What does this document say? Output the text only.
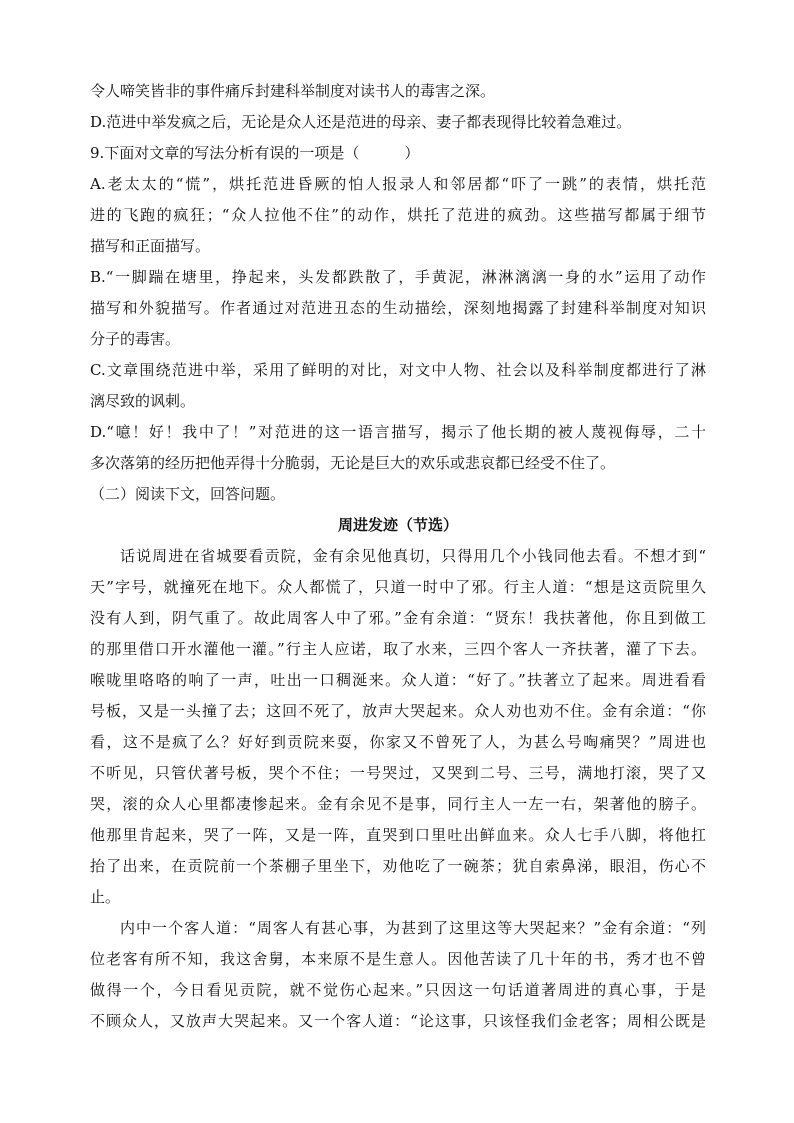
令人啼笑皆非的事件痛斥封建科举制度对读书人的毒害之深。
D.范进中举发疯之后，无论是众人还是范进的母亲、妻子都表现得比较着急难过。
9.下面对文章的写法分析有误的一项是（　　　）
A.老太太的“慌”，烘托范进昏厥的怕人报录人和邻居都“吓了一跳”的表情，烘托范
进的飞跑的疯狂；“众人拉他不住”的动作，烘托了范进的疯劲。这些描写都属于细节
描写和正面描写。
B.“一脚踹在塘里，挣起来，头发都跌散了，手黄泥，淋淋漓漓一身的水”运用了动作
描写和外貌描写。作者通过对范进丑态的生动描绘，深刻地揭露了封建科举制度对知识
分子的毒害。
C.文章围绕范进中举，采用了鲜明的对比，对文中人物、社会以及科举制度都进行了淋
漓尽致的讽刺。
D.“噫！好！我中了！”对范进的这一语言描写，揭示了他长期的被人蔑视侮辱，二十
多次落第的经历把他弄得十分脆弱，无论是巨大的欢乐或悲哀都已经受不住了。
（二）阅读下文，回答问题。
周进发迹（节选）
话说周进在省城要看贡院，金有余见他真切，只得用几个小钱同他去看。不想才到“
天”字号，就撞死在地下。众人都慌了，只道一时中了邪。行主人道：“想是这贡院里久
没有人到，阴气重了。故此周客人中了邪。”金有余道：“贤东！我扶著他，你且到做工
的那里借口开水灌他一灌。”行主人应诺，取了水来，三四个客人一齐扶著，灌了下去。
喉咙里咯咯的响了一声，吐出一口稠涎来。众人道：“好了。”扶著立了起来。周进看看
号板，又是一头撞了去；这回不死了，放声大哭起来。众人劝也劝不住。金有余道：“你
看，这不是疯了么？好好到贡院来耍，你家又不曾死了人，为甚么号啕痛哭？”周进也
不听见，只管伏著号板，哭个不住；一号哭过，又哭到二号、三号，满地打滚，哭了又
哭，滚的众人心里都凄惨起来。金有余见不是事，同行主人一左一右，架著他的膀子。
他那里肯起来，哭了一阵，又是一阵，直哭到口里吐出鲜血来。众人七手八脚，将他扛
抬了出来，在贡院前一个茶棚子里坐下，劝他吃了一碗茶；犹自索鼻涕，眼泪，伤心不
止。
内中一个客人道：“周客人有甚心事，为甚到了这里这等大哭起来？”金有余道：“列
位老客有所不知，我这舍舅，本来原不是生意人。因他苦读了几十年的书，秀才也不曾
做得一个，今日看见贡院，就不觉伤心起来。”只因这一句话道著周进的真心事，于是
不顾众人，又放声大哭起来。又一个客人道：“论这事，只该怪我们金老客；周相公既是
